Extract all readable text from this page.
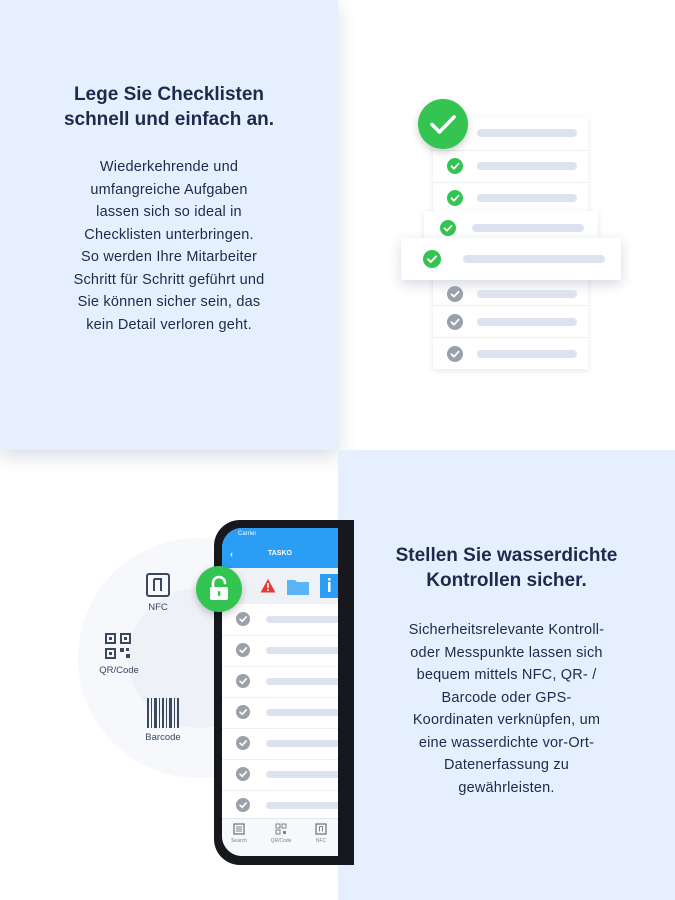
Lege Sie Checklisten
schnell und einfach an.
Wiederkehrende und
umfangreiche Aufgaben
lassen sich so ideal in
Checklisten unterbringen.
So werden Ihre Mitarbeiter
Schritt für Schritt geführt und
Sie können sicher sein, das
kein Detail verloren geht.
Stellen Sie wasserdichte
Kontrollen sicher.
Sicherheitsrelevante Kontroll-
oder Messpunkte lassen sich
bequem mittels NFC, QR- /
Barcode oder GPS-
Koordinaten verknüpfen, um
eine wasserdichte vor-Ort-
Datenerfassung zu
gewährleisten.
NFC
QR/Code
Barcode
Carrier
‹	TASKO
Search	QR/Code	NFC
